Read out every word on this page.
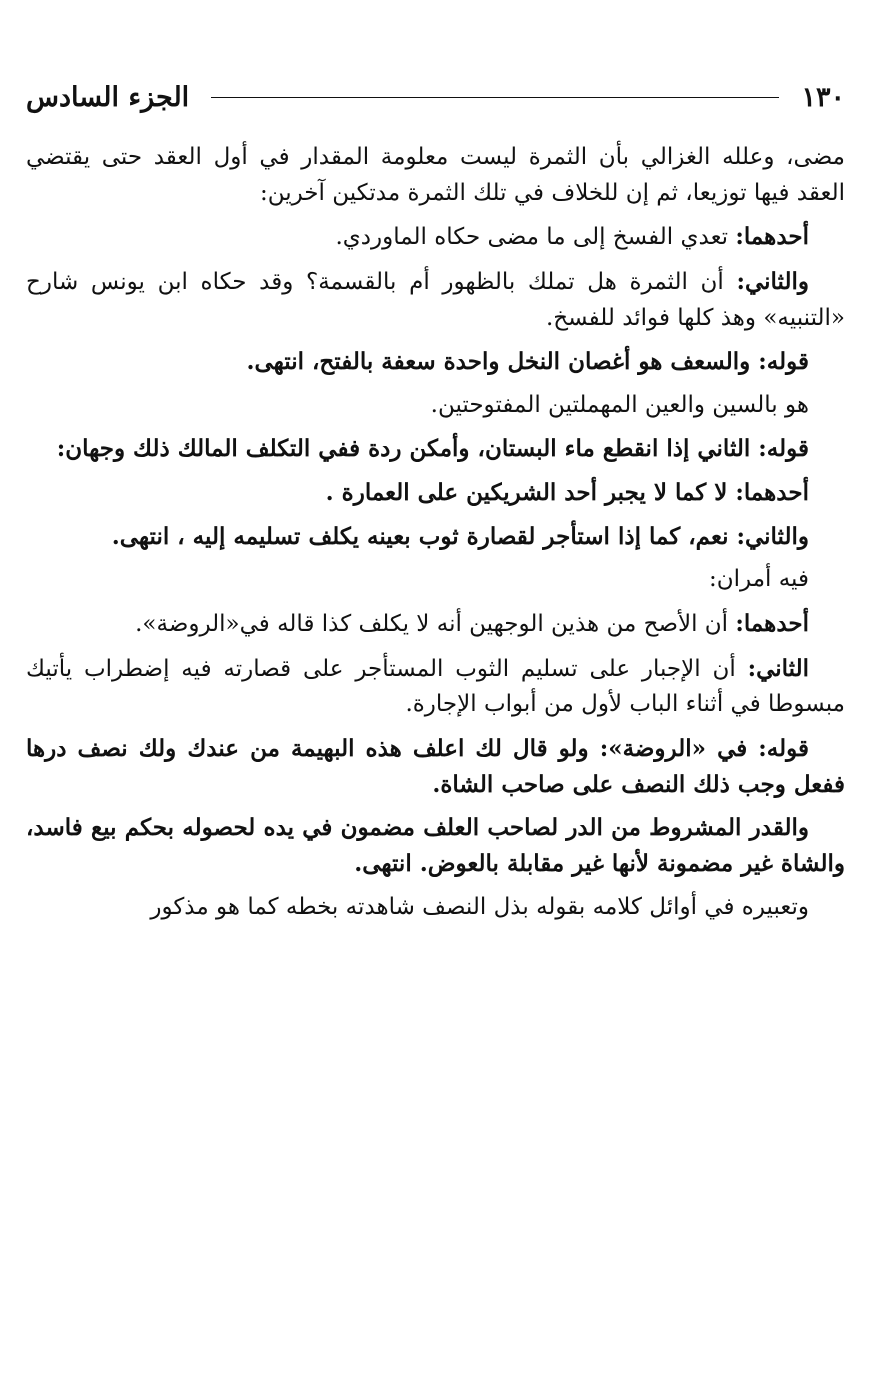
١٣٠
الجزء السادس

مضى، وعلله الغزالي بأن الثمرة ليست معلومة المقدار في أول العقد حتى يقتضي العقد فيها توزيعا، ثم إن للخلاف في تلك الثمرة مدتكين آخرين:

أحدهما: تعدي الفسخ إلى ما مضى حكاه الماوردي.

والثاني: أن الثمرة هل تملك بالظهور أم بالقسمة؟ وقد حكاه ابن يونس شارح «التنبيه» وهذ كلها فوائد للفسخ.

قوله: والسعف هو أغصان النخل واحدة سعفة بالفتح، انتهى.

هو بالسين والعين المهملتين المفتوحتين.

قوله: الثاني إذا انقطع ماء البستان، وأمكن ردة ففي التكلف المالك ذلك وجهان:

أحدهما: لا كما لا يجبر أحد الشريكين على العمارة .

والثاني: نعم، كما إذا استأجر لقصارة ثوب بعينه يكلف تسليمه إليه ، انتهى.

فيه أمران:

أحدهما: أن الأصح من هذين الوجهين أنه لا يكلف كذا قاله في«الروضة».

الثاني: أن الإجبار على تسليم الثوب المستأجر على قصارته فيه إضطراب يأتيك مبسوطا في أثناء الباب لأول من أبواب الإجارة.

قوله: في «الروضة»: ولو قال لك اعلف هذه البهيمة من عندك ولك نصف درها ففعل وجب ذلك النصف على صاحب الشاة.

والقدر المشروط من الدر لصاحب العلف مضمون في يده لحصوله بحكم بيع فاسد، والشاة غير مضمونة لأنها غير مقابلة بالعوض. انتهى.

وتعبيره في أوائل كلامه بقوله بذل النصف شاهدته بخطه كما هو مذكور
